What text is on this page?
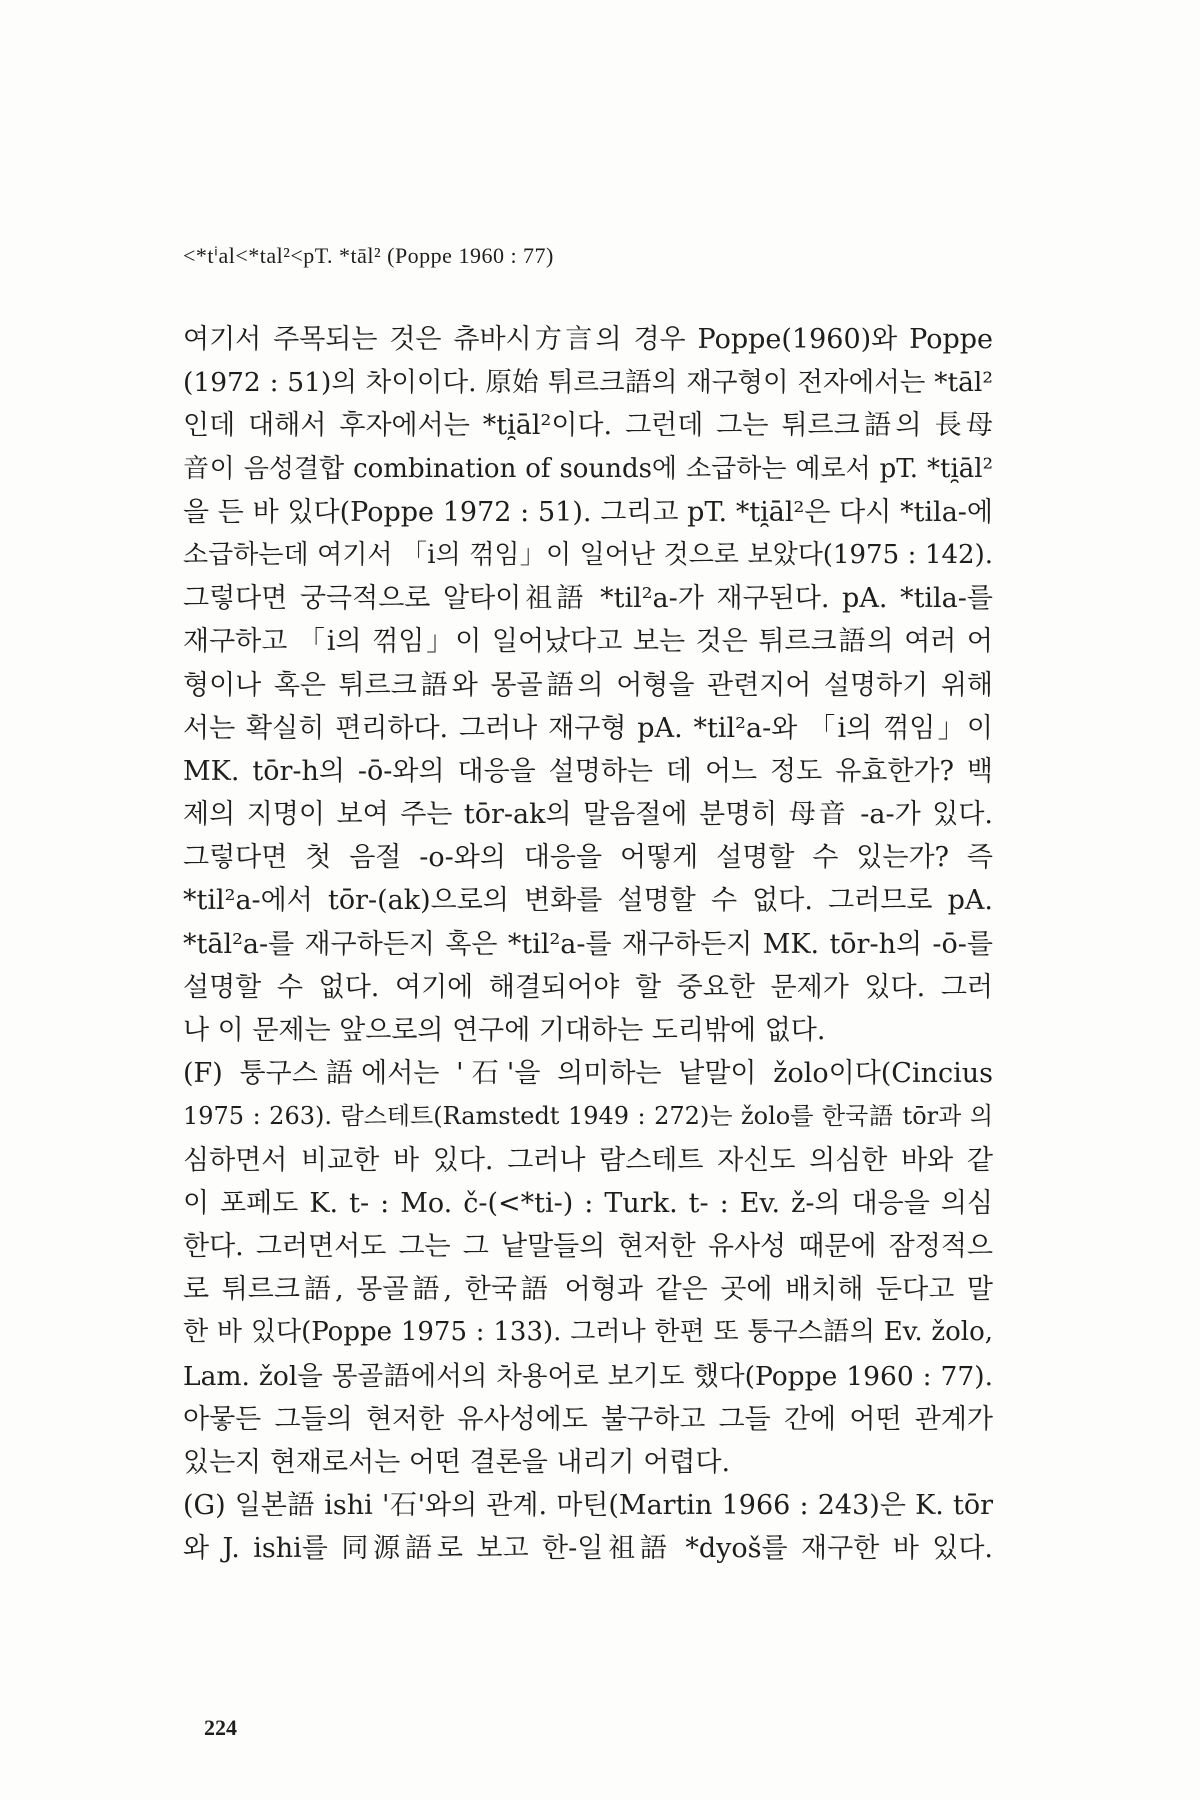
<*tⁱal<*tal²<pT. *tāl² (Poppe 1960 : 77)
여기서 주목되는 것은 츄바시方言의 경우 Poppe(1960)와 Poppe
(1972 : 51)의 차이이다. 原始 튀르크語의 재구형이 전자에서는 *tāl²
인데 대해서 후자에서는 *ti̯āl²이다. 그런데 그는 튀르크語의 長母
音이 음성결합 combination of sounds에 소급하는 예로서 pT. *ti̯āl²
을 든 바 있다(Poppe 1972 : 51). 그리고 pT. *ti̯āl²은 다시 *tila-에
소급하는데 여기서 「i의 꺾임」이 일어난 것으로 보았다(1975 : 142).
그렇다면 궁극적으로 알타이祖語 *til²a-가 재구된다. pA. *tila-를
재구하고 「i의 꺾임」이 일어났다고 보는 것은 튀르크語의 여러 어
형이나 혹은 튀르크語와 몽골語의 어형을 관련지어 설명하기 위해
서는 확실히 편리하다. 그러나 재구형 pA. *til²a-와 「i의 꺾임」이
MK. tōr-h의 -ō-와의 대응을 설명하는 데 어느 정도 유효한가? 백
제의 지명이 보여 주는 tōr-ak의 말음절에 분명히 母音 -a-가 있다.
그렇다면 첫 음절 -o-와의 대응을 어떻게 설명할 수 있는가? 즉
*til²a-에서 tōr-(ak)으로의 변화를 설명할 수 없다. 그러므로 pA.
*tāl²a-를 재구하든지 혹은 *til²a-를 재구하든지 MK. tōr-h의 -ō-를
설명할 수 없다. 여기에 해결되어야 할 중요한 문제가 있다. 그러
나 이 문제는 앞으로의 연구에 기대하는 도리밖에 없다.
(F) 퉁구스語에서는 '石'을 의미하는 낱말이 žolo이다(Cincius
1975 : 263). 람스테트(Ramstedt 1949 : 272)는 žolo를 한국語 tōr과 의
심하면서 비교한 바 있다. 그러나 람스테트 자신도 의심한 바와 같
이 포페도 K. t- : Mo. č-(<*ti-) : Turk. t- : Ev. ž-의 대응을 의심
한다. 그러면서도 그는 그 낱말들의 현저한 유사성 때문에 잠정적으
로 튀르크語, 몽골語, 한국語 어형과 같은 곳에 배치해 둔다고 말
한 바 있다(Poppe 1975 : 133). 그러나 한편 또 퉁구스語의 Ev. žolo,
Lam. žol을 몽골語에서의 차용어로 보기도 했다(Poppe 1960 : 77).
아뭏든 그들의 현저한 유사성에도 불구하고 그들 간에 어떤 관계가
있는지 현재로서는 어떤 결론을 내리기 어렵다.
(G) 일본語 ishi '石'와의 관계. 마틴(Martin 1966 : 243)은 K. tōr
와 J. ishi를 同源語로 보고 한-일祖語 *dyoš를 재구한 바 있다.
224
